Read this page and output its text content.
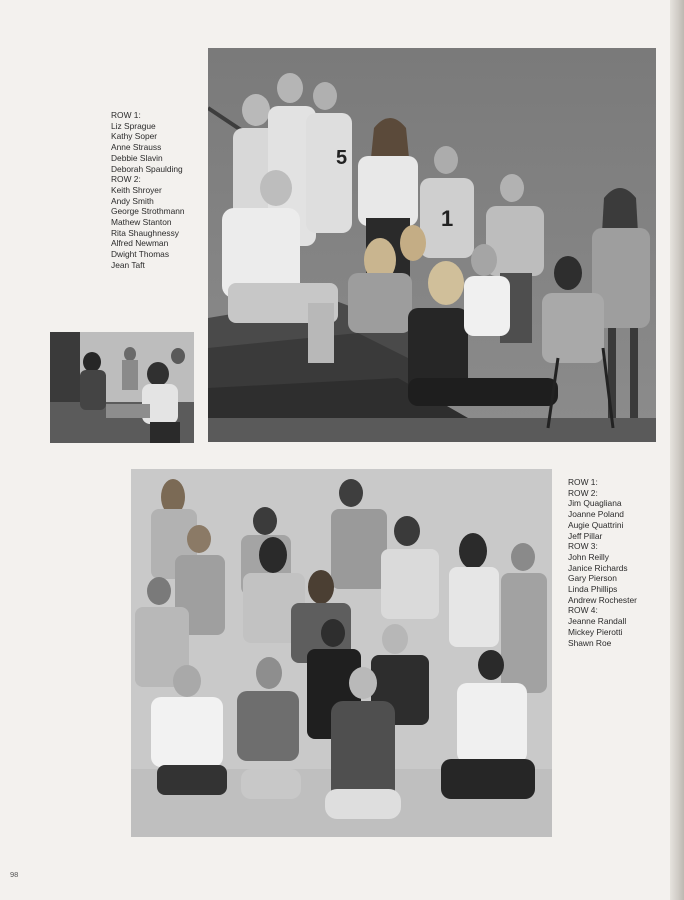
5
1
ROW 1:
Liz Sprague
Kathy Soper
Anne Strauss
Debbie Slavin
Deborah Spaulding
ROW 2:
Keith Shroyer
Andy Smith
George Strothmann
Mathew Stanton
Rita Shaughnessy
Alfred Newman
Dwight Thomas
Jean Taft
ROW 1:
ROW 2:
Jim Quagliana
Joanne Poland
Augie Quattrini
Jeff Pillar
ROW 3:
John Reilly
Janice Richards
Gary Pierson
Linda Phillips
Andrew Rochester
ROW 4:
Jeanne Randall
Mickey Pierotti
Shawn Roe
98
